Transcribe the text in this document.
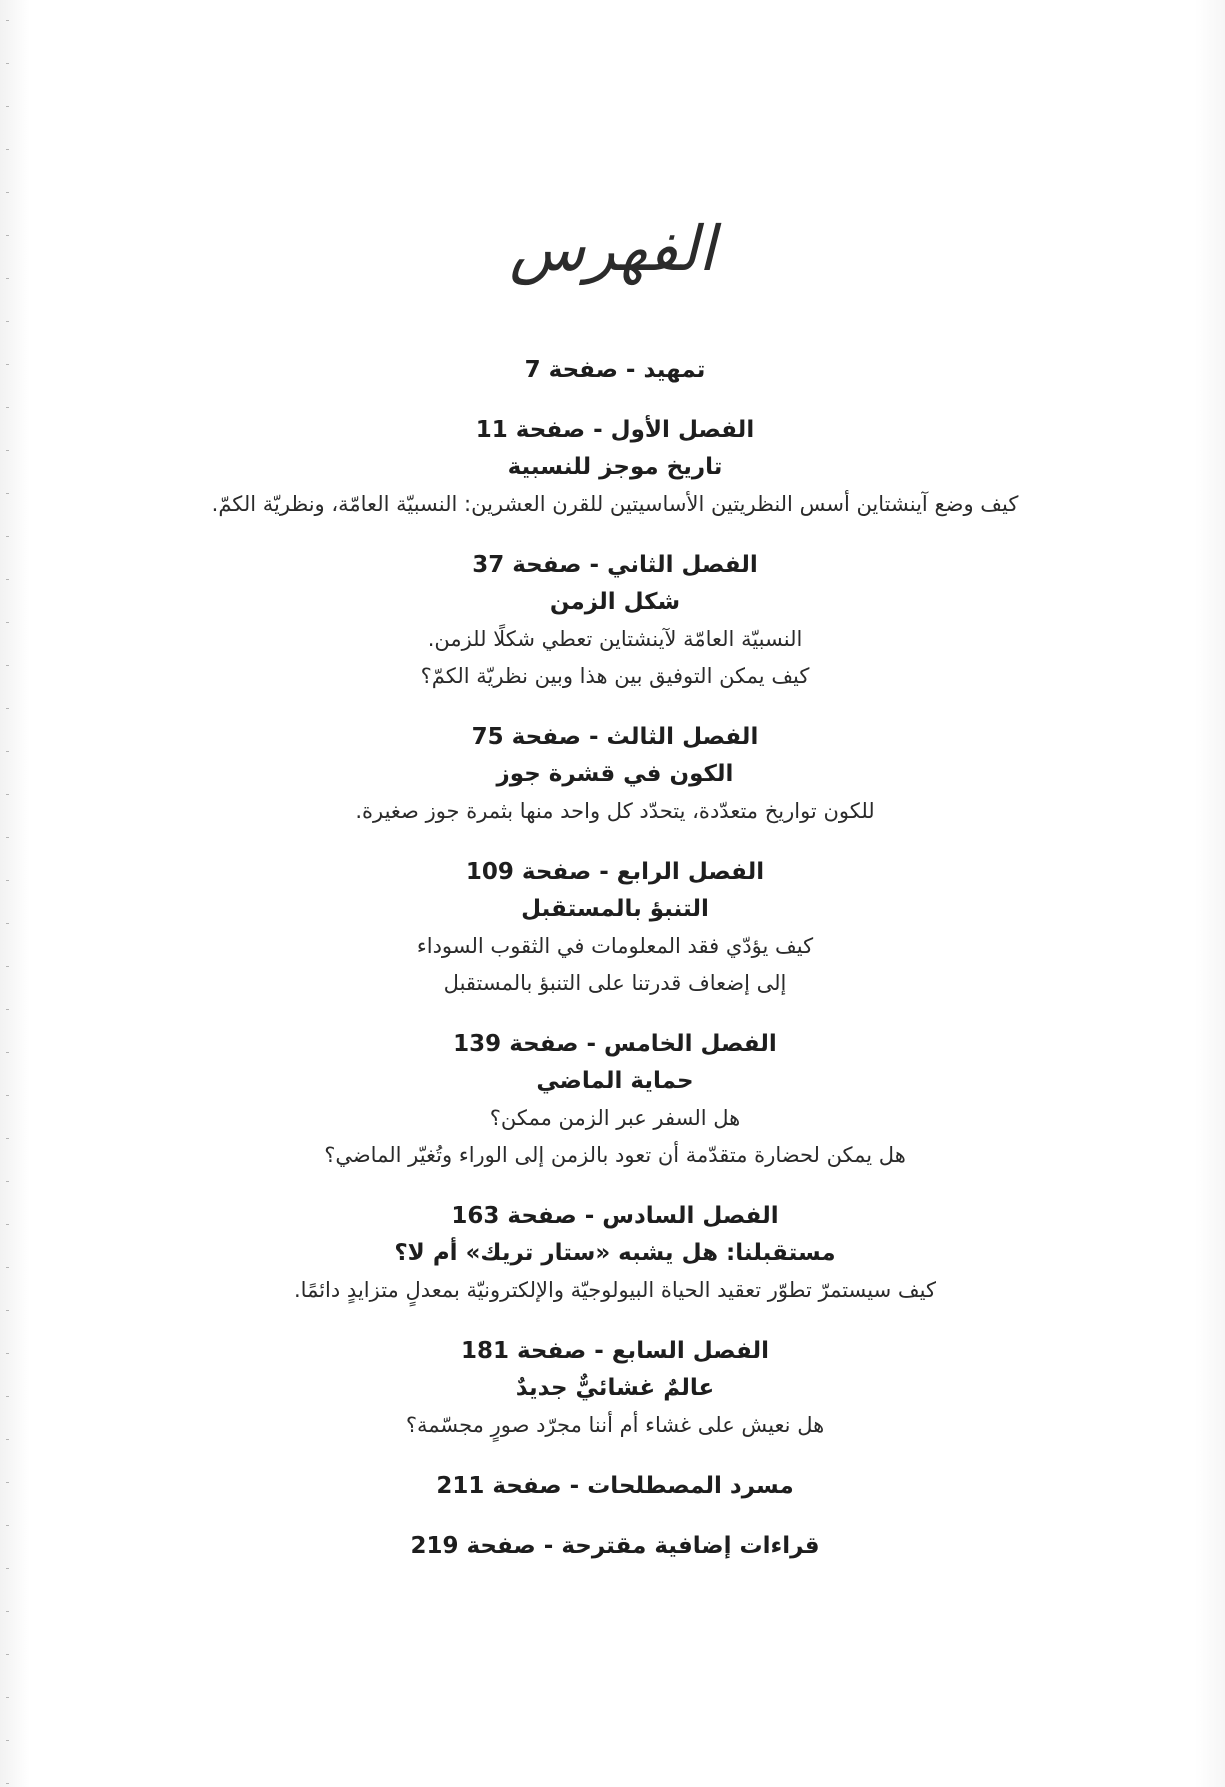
الفهرس
تمهيد - صفحة 7
الفصل الأول - صفحة 11
تاريخ موجز للنسبية
كيف وضع آينشتاين أسس النظريتين الأساسيتين للقرن العشرين: النسبيّة العامّة، ونظريّة الكمّ.
الفصل الثاني - صفحة 37
شكل الزمن
النسبيّة العامّة لآينشتاين تعطي شكلًا للزمن.
كيف يمكن التوفيق بين هذا وبين نظريّة الكمّ؟
الفصل الثالث - صفحة 75
الكون في قشرة جوز
للكون تواريخ متعدّدة، يتحدّد كل واحد منها بثمرة جوز صغيرة.
الفصل الرابع - صفحة 109
التنبؤ بالمستقبل
كيف يؤدّي فقد المعلومات في الثقوب السوداء
إلى إضعاف قدرتنا على التنبؤ بالمستقبل
الفصل الخامس - صفحة 139
حماية الماضي
هل السفر عبر الزمن ممكن؟
هل يمكن لحضارة متقدّمة أن تعود بالزمن إلى الوراء وتُغيّر الماضي؟
الفصل السادس - صفحة 163
مستقبلنا: هل يشبه «ستار تريك» أم لا؟
كيف سيستمرّ تطوّر تعقيد الحياة البيولوجيّة والإلكترونيّة بمعدلٍ متزايدٍ دائمًا.
الفصل السابع - صفحة 181
عالمٌ غشائيٌّ جديدٌ
هل نعيش على غشاء أم أننا مجرّد صورٍ مجسّمة؟
مسرد المصطلحات - صفحة 211
قراءات إضافية مقترحة - صفحة 219
